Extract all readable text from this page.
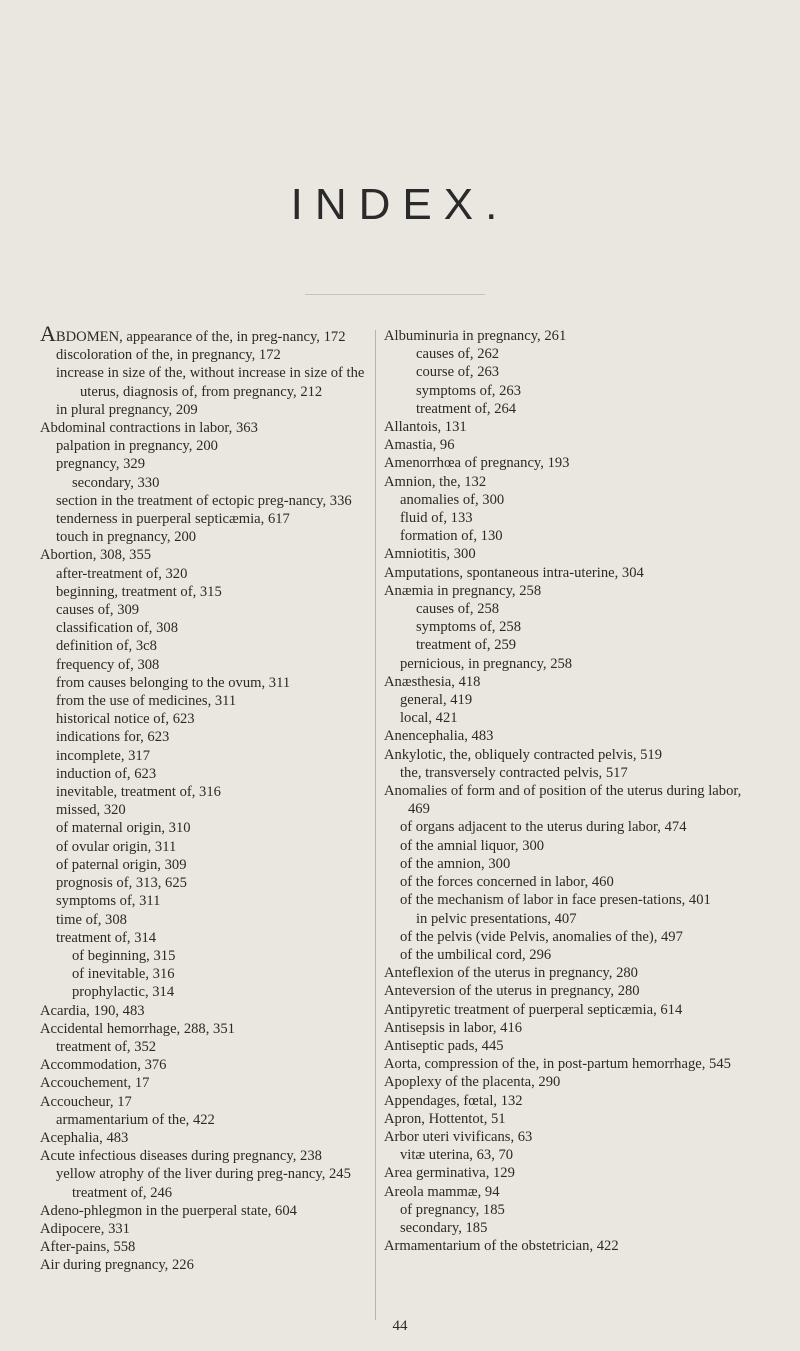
INDEX.
ABDOMEN, appearance of the, in preg-nancy, 172
discoloration of the, in pregnancy, 172
increase in size of the, without increase in size of the uterus, diagnosis of, from pregnancy, 212
in plural pregnancy, 209
Abdominal contractions in labor, 363
palpation in pregnancy, 200
pregnancy, 329
secondary, 330
section in the treatment of ectopic preg-nancy, 336
tenderness in puerperal septicæmia, 617
touch in pregnancy, 200
Abortion, 308, 355
after-treatment of, 320
beginning, treatment of, 315
causes of, 309
classification of, 308
definition of, 3c8
frequency of, 308
from causes belonging to the ovum, 311
from the use of medicines, 311
historical notice of, 623
indications for, 623
incomplete, 317
induction of, 623
inevitable, treatment of, 316
missed, 320
of maternal origin, 310
of ovular origin, 311
of paternal origin, 309
prognosis of, 313, 625
symptoms of, 311
time of, 308
treatment of, 314
of beginning, 315
of inevitable, 316
prophylactic, 314
Acardia, 190, 483
Accidental hemorrhage, 288, 351
treatment of, 352
Accommodation, 376
Accouchement, 17
Accoucheur, 17
armamentarium of the, 422
Acephalia, 483
Acute infectious diseases during pregnancy, 238
yellow atrophy of the liver during preg-nancy, 245
treatment of, 246
Adeno-phlegmon in the puerperal state, 604
Adipocere, 331
After-pains, 558
Air during pregnancy, 226
Albuminuria in pregnancy, 261
causes of, 262
course of, 263
symptoms of, 263
treatment of, 264
Allantois, 131
Amastia, 96
Amenorrhœa of pregnancy, 193
Amnion, the, 132
anomalies of, 300
fluid of, 133
formation of, 130
Amniotitis, 300
Amputations, spontaneous intra-uterine, 304
Anæmia in pregnancy, 258
causes of, 258
symptoms of, 258
treatment of, 259
pernicious, in pregnancy, 258
Anæsthesia, 418
general, 419
local, 421
Anencephalia, 483
Ankylotic, the, obliquely contracted pelvis, 519
the, transversely contracted pelvis, 517
Anomalies of form and of position of the uterus during labor, 469
of organs adjacent to the uterus during labor, 474
of the amnial liquor, 300
of the amnion, 300
of the forces concerned in labor, 460
of the mechanism of labor in face presen-tations, 401
in pelvic presentations, 407
of the pelvis (vide Pelvis, anomalies of the), 497
of the umbilical cord, 296
Anteflexion of the uterus in pregnancy, 280
Anteversion of the uterus in pregnancy, 280
Antipyretic treatment of puerperal septicæmia, 614
Antisepsis in labor, 416
Antiseptic pads, 445
Aorta, compression of the, in post-partum hemorrhage, 545
Apoplexy of the placenta, 290
Appendages, fœtal, 132
Apron, Hottentot, 51
Arbor uteri vivificans, 63
vitæ uterina, 63, 70
Area germinativa, 129
Areola mammæ, 94
of pregnancy, 185
secondary, 185
Armamentarium of the obstetrician, 422
44
